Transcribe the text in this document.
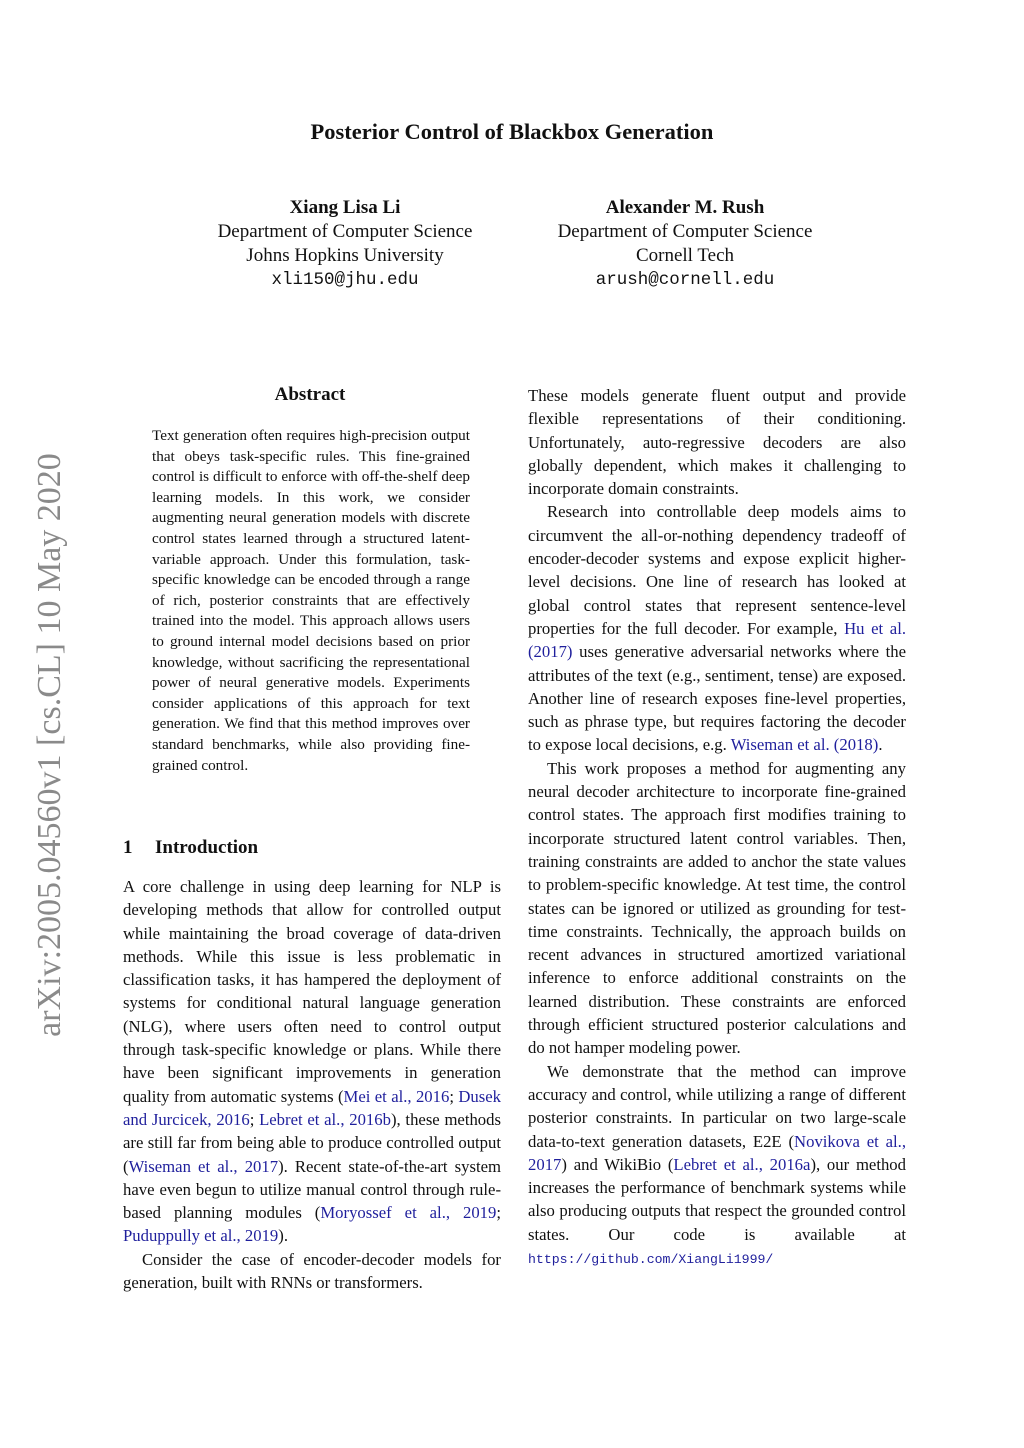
Posterior Control of Blackbox Generation
Xiang Lisa Li
Department of Computer Science
Johns Hopkins University
xli150@jhu.edu
Alexander M. Rush
Department of Computer Science
Cornell Tech
arush@cornell.edu
arXiv:2005.04560v1 [cs.CL] 10 May 2020
Abstract
Text generation often requires high-precision output that obeys task-specific rules. This fine-grained control is difficult to enforce with off-the-shelf deep learning models. In this work, we consider augmenting neural generation models with discrete control states learned through a structured latent-variable approach. Under this formulation, task-specific knowledge can be encoded through a range of rich, posterior constraints that are effectively trained into the model. This approach allows users to ground internal model decisions based on prior knowledge, without sacrificing the representational power of neural generative models. Experiments consider applications of this approach for text generation. We find that this method improves over standard benchmarks, while also providing fine-grained control.
1 Introduction

A core challenge in using deep learning for NLP is developing methods that allow for controlled output while maintaining the broad coverage of data-driven methods. While this issue is less problematic in classification tasks, it has hampered the deployment of systems for conditional natural language generation (NLG), where users often need to control output through task-specific knowledge or plans. While there have been significant improvements in generation quality from automatic systems (Mei et al., 2016; Dusek and Jurcicek, 2016; Lebret et al., 2016b), these methods are still far from being able to produce controlled output (Wiseman et al., 2017). Recent state-of-the-art system have even begun to utilize manual control through rule-based planning modules (Moryossef et al., 2019; Puduppully et al., 2019).

Consider the case of encoder-decoder models for generation, built with RNNs or transformers.

These models generate fluent output and provide flexible representations of their conditioning. Unfortunately, auto-regressive decoders are also globally dependent, which makes it challenging to incorporate domain constraints.

Research into controllable deep models aims to circumvent the all-or-nothing dependency tradeoff of encoder-decoder systems and expose explicit higher-level decisions. One line of research has looked at global control states that represent sentence-level properties for the full decoder. For example, Hu et al. (2017) uses generative adversarial networks where the attributes of the text (e.g., sentiment, tense) are exposed. Another line of research exposes fine-level properties, such as phrase type, but requires factoring the decoder to expose local decisions, e.g. Wiseman et al. (2018).

This work proposes a method for augmenting any neural decoder architecture to incorporate fine-grained control states. The approach first modifies training to incorporate structured latent control variables. Then, training constraints are added to anchor the state values to problem-specific knowledge. At test time, the control states can be ignored or utilized as grounding for test-time constraints. Technically, the approach builds on recent advances in structured amortized variational inference to enforce additional constraints on the learned distribution. These constraints are enforced through efficient structured posterior calculations and do not hamper modeling power.

We demonstrate that the method can improve accuracy and control, while utilizing a range of different posterior constraints. In particular on two large-scale data-to-text generation datasets, E2E (Novikova et al., 2017) and WikiBio (Lebret et al., 2016a), our method increases the performance of benchmark systems while also producing outputs that respect the grounded control states. Our code is available at https://github.com/XiangLi1999/
